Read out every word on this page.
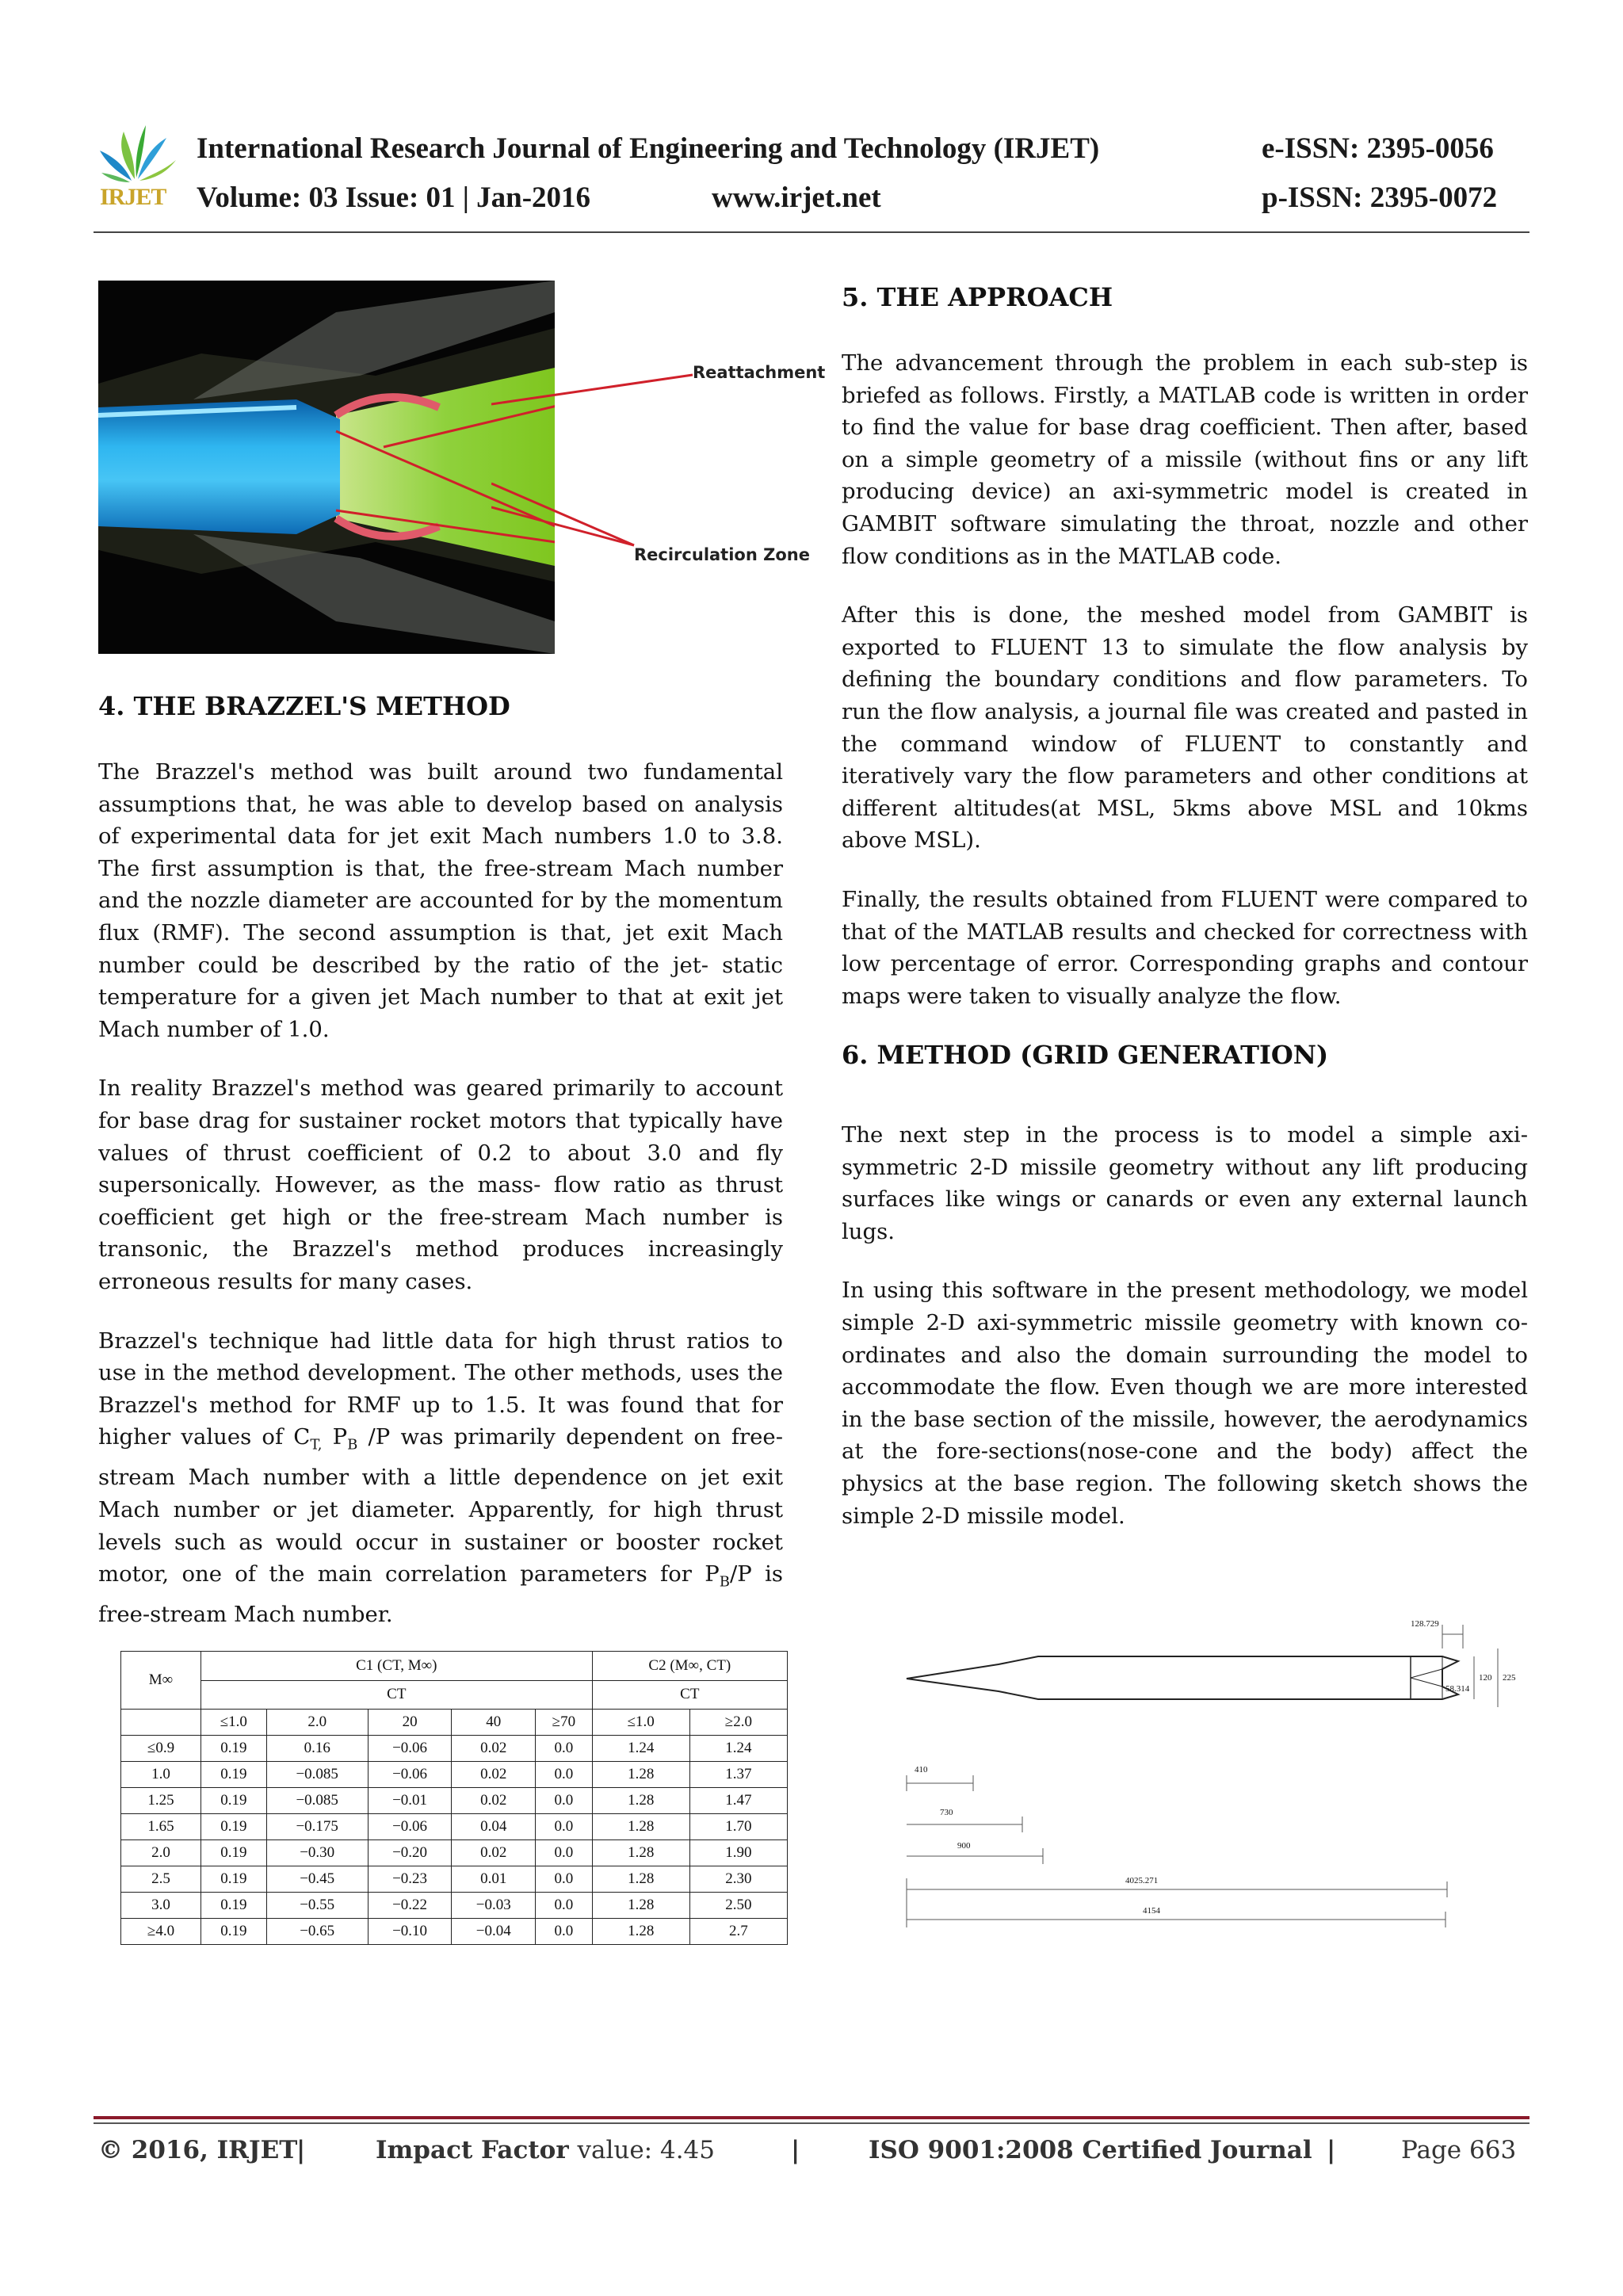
IRJET
International Research Journal of Engineering and Technology (IRJET)	e-ISSN: 2395-0056
Volume: 03 Issue: 01 | Jan-2016	www.irjet.net	p-ISSN: 2395-0072
Reattachment
Recirculation Zone
4. THE BRAZZEL'S METHOD

The Brazzel's method was built around two fundamental assumptions that, he was able to develop based on analysis of experimental data for jet exit Mach numbers 1.0 to 3.8. The first assumption is that, the free-stream Mach number and the nozzle diameter are accounted for by the momentum flux (RMF). The second assumption is that, jet exit Mach number could be described by the ratio of the jet- static temperature for a given jet Mach number to that at exit jet Mach number of 1.0.

In reality Brazzel's method was geared primarily to account for base drag for sustainer rocket motors that typically have values of thrust coefficient of 0.2 to about 3.0 and fly supersonically. However, as the mass- flow ratio as thrust coefficient get high or the free-stream Mach number is transonic, the Brazzel's method produces increasingly erroneous results for many cases.

Brazzel's technique had little data for high thrust ratios to use in the method development. The other methods, uses the Brazzel's method for RMF up to 1.5. It was found that for higher values of $C_{T,}$ $P_B$ /P was primarily dependent on free-stream Mach number with a little dependence on jet exit Mach number or jet diameter. Apparently, for high thrust levels such as would occur in sustainer or booster rocket motor, one of the main correlation parameters for $P_B/P$ is free-stream Mach number.

M∞	C1 (CT, M∞)					C2 (M∞, CT)	
	CT					CT	
	≤1.0	2.0	20	40	≥70	≤1.0	≥2.0
≤0.9	0.19	0.16	−0.06	0.02	0.0	1.24	1.24
1.0	0.19	−0.085	−0.06	0.02	0.0	1.28	1.37
1.25	0.19	−0.085	−0.01	0.02	0.0	1.28	1.47
1.65	0.19	−0.175	−0.06	0.04	0.0	1.28	1.70
2.0	0.19	−0.30	−0.20	0.02	0.0	1.28	1.90
2.5	0.19	−0.45	−0.23	0.01	0.0	1.28	2.30
3.0	0.19	−0.55	−0.22	−0.03	0.0	1.28	2.50
≥4.0	0.19	−0.65	−0.10	−0.04	0.0	1.28	2.7
5. THE APPROACH

The advancement through the problem in each sub-step is briefed as follows. Firstly, a MATLAB code is written in order to find the value for base drag coefficient. Then after, based on a simple geometry of a missile (without fins or any lift producing device) an axi-symmetric model is created in GAMBIT software simulating the throat, nozzle and other flow conditions as in the MATLAB code.

After this is done, the meshed model from GAMBIT is exported to FLUENT 13 to simulate the flow analysis by defining the boundary conditions and flow parameters. To run the flow analysis, a journal file was created and pasted in the command window of FLUENT to constantly and iteratively vary the flow parameters and other conditions at different altitudes(at MSL, 5kms above MSL and 10kms above MSL).

Finally, the results obtained from FLUENT were compared to that of the MATLAB results and checked for correctness with low percentage of error. Corresponding graphs and contour maps were taken to visually analyze the flow.

6. METHOD (GRID GENERATION)

The next step in the process is to model a simple axi-symmetric 2-D missile geometry without any lift producing surfaces like wings or canards or even any external launch lugs.

In using this software in the present methodology, we model simple 2-D axi-symmetric missile geometry with known co-ordinates and also the domain surrounding the model to accommodate the flow. Even though we are more interested in the base section of the missile, however, the aerodynamics at the fore-sections(nose-cone and the body) affect the physics at the base region. The following sketch shows the simple 2-D missile model.

128.729
58.314
120 225
410
730
900
4025.271
4154
© 2016, IRJET
|	Impact Factor value: 4.45	|	ISO 9001:2008 Certified Journal |	Page 663
